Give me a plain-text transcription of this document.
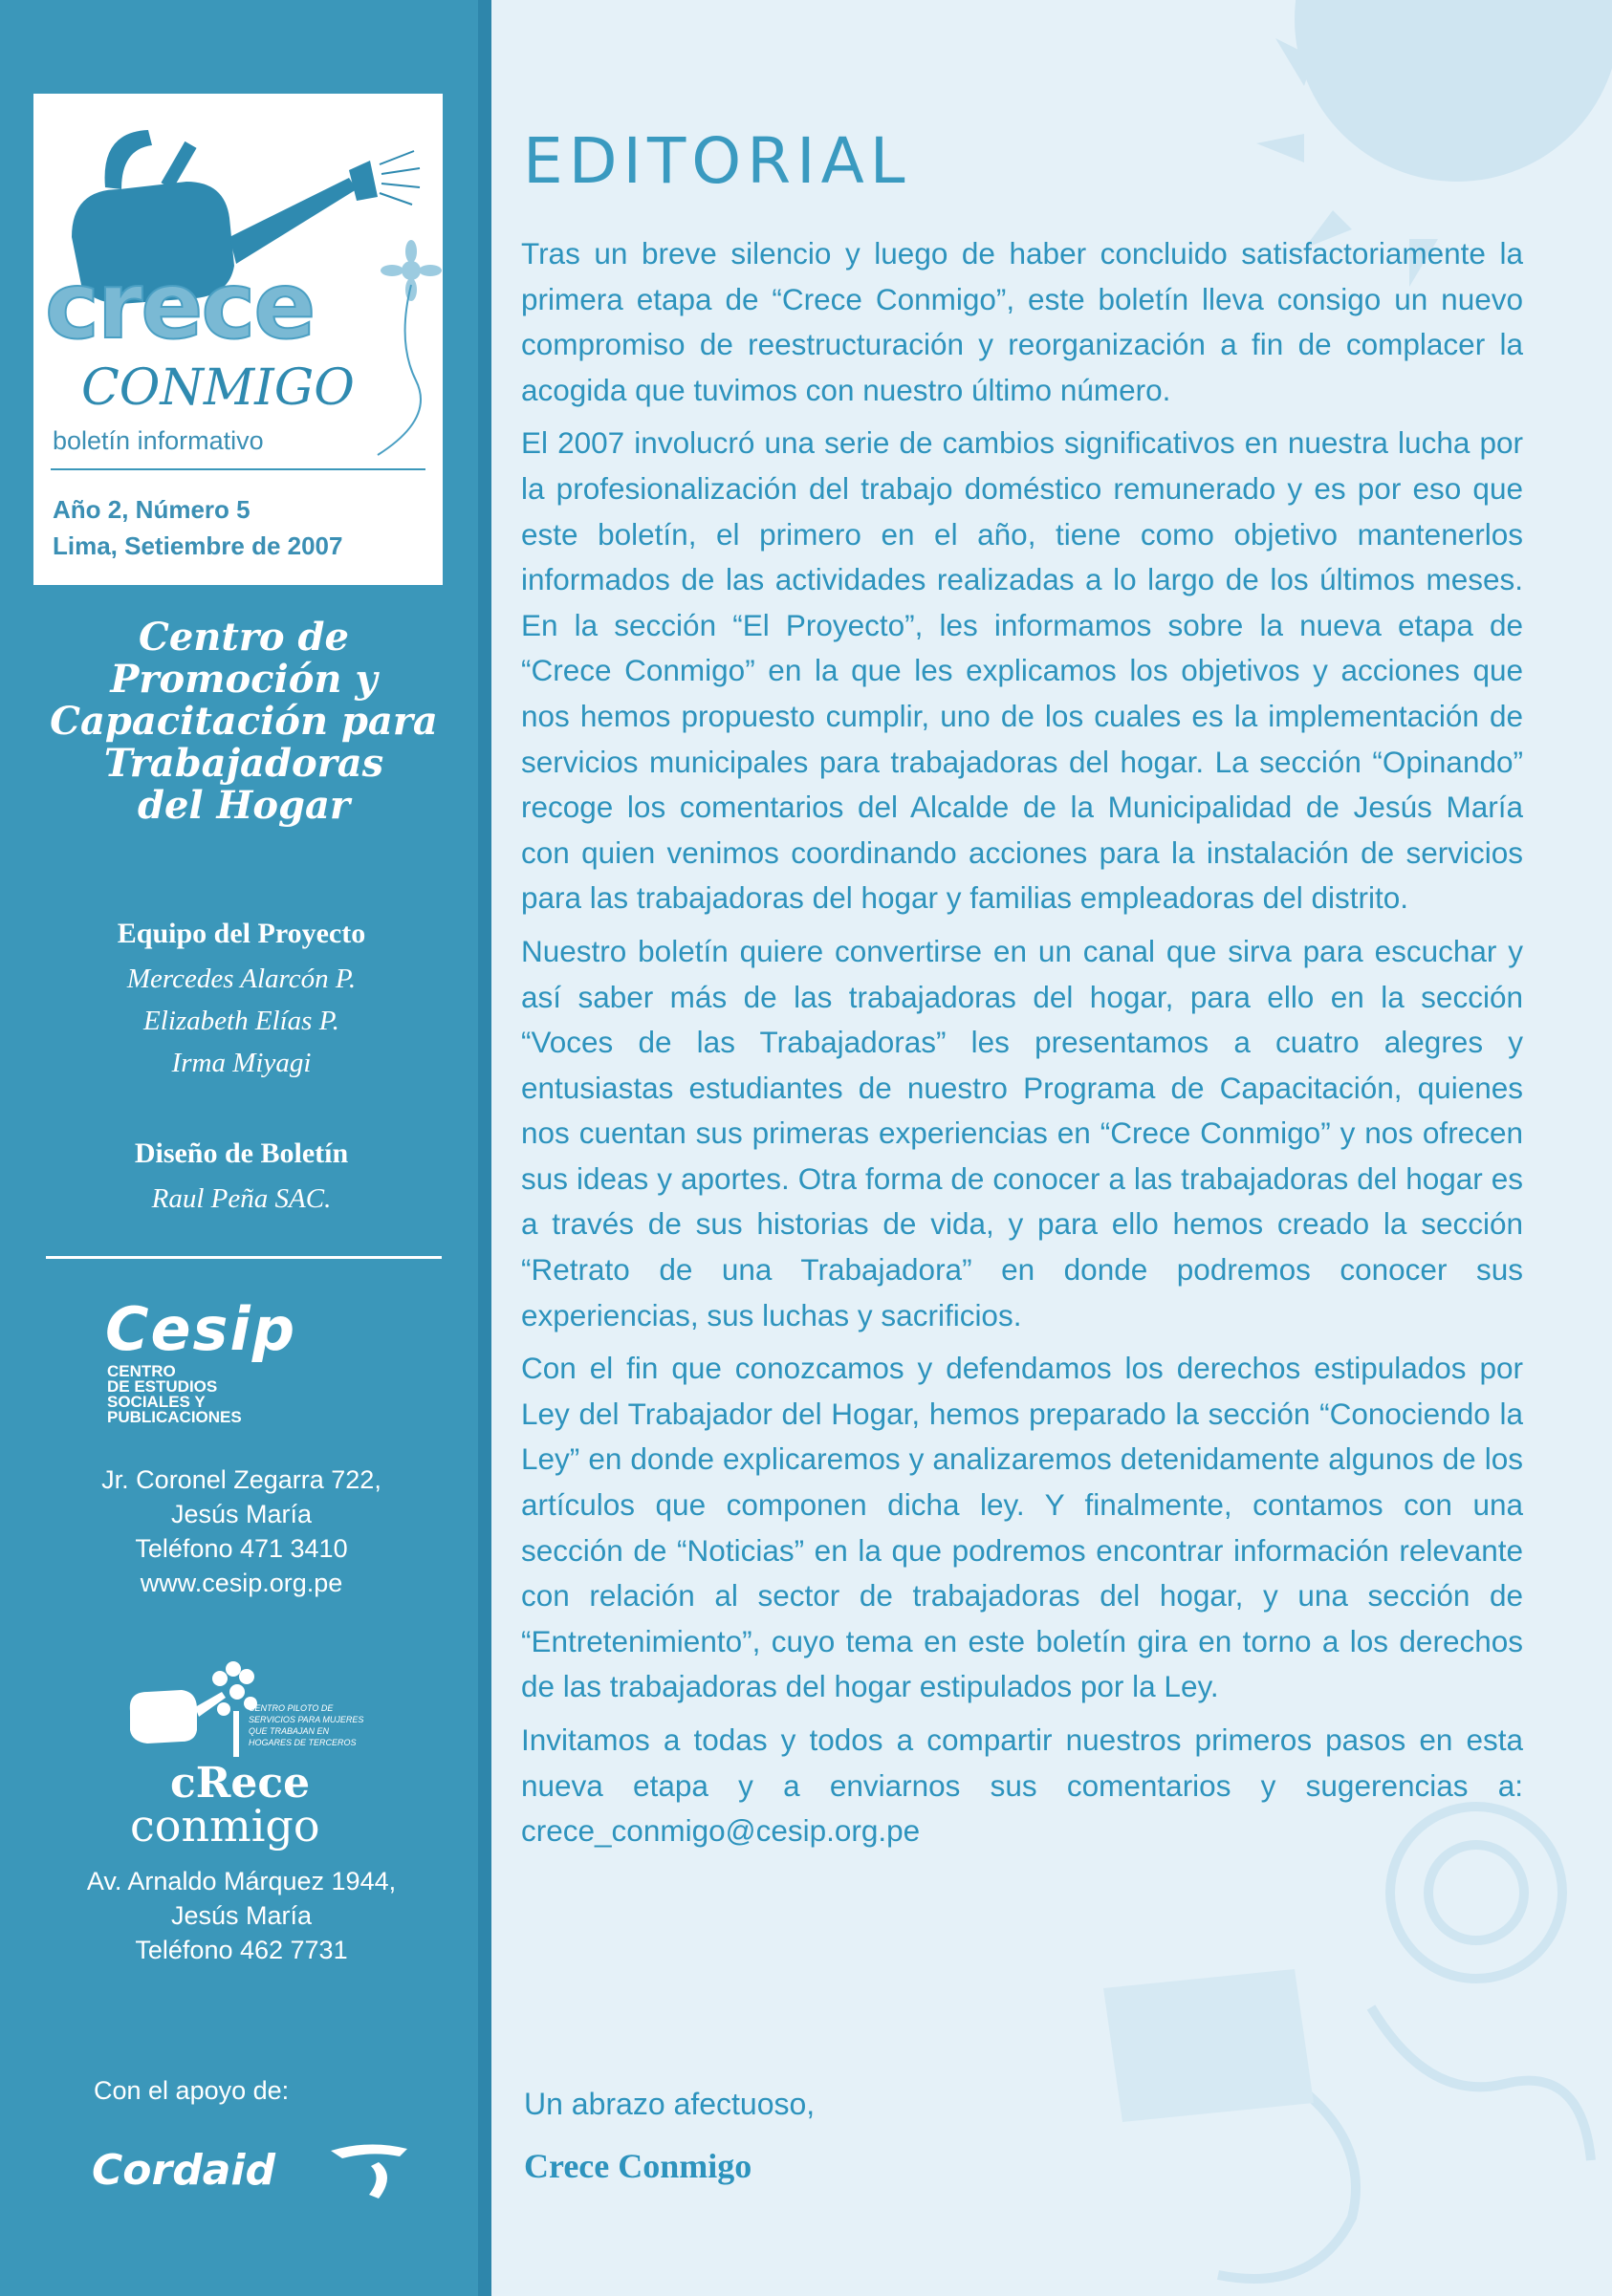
crece
CONMIGO
boletín informativo
Año 2, Número 5
Lima, Setiembre de 2007
Centro de
Promoción y
Capacitación para
Trabajadoras
del Hogar
Equipo del Proyecto
Mercedes Alarcón P.
Elizabeth Elías P.
Irma Miyagi
Diseño de Boletín
Raul Peña SAC.
Cesip
CENTRO
DE ESTUDIOS
SOCIALES Y
PUBLICACIONES
Jr. Coronel Zegarra 722,
Jesús María
Teléfono 471 3410
www.cesip.org.pe
CENTRO PILOTO DE
SERVICIOS PARA MUJERES
QUE TRABAJAN EN
HOGARES DE TERCEROS
cRece
conmigo
Av. Arnaldo Márquez 1944,
Jesús María
Teléfono 462 7731
Con el apoyo de:
Cordaid
EDITORIAL

Tras un breve silencio y luego de haber concluido satisfactoriamente la primera etapa de “Crece Conmigo”, este boletín lleva consigo un nuevo compromiso de reestructuración y reorganización a fin de complacer la acogida que tuvimos con nuestro último número.

El 2007 involucró una serie de cambios significativos en nuestra lucha por la profesionalización del trabajo doméstico remunerado y es por eso que este boletín, el primero en el año, tiene como objetivo mantenerlos informados de las actividades realizadas a lo largo de los últimos meses. En la sección “El Proyecto”, les informamos sobre la nueva etapa de “Crece Conmigo” en la que les explicamos los objetivos y acciones que nos hemos propuesto cumplir, uno de los cuales es la implementación de servicios municipales para trabajadoras del hogar. La sección “Opinando” recoge los comentarios del Alcalde de la Municipalidad de Jesús María con quien venimos coordinando acciones para la instalación de servicios para las trabajadoras del hogar y familias empleadoras del distrito.

Nuestro boletín quiere convertirse en un canal que sirva para escuchar y así saber más de las trabajadoras del hogar, para ello en la sección “Voces de las Trabajadoras” les presentamos a cuatro alegres y entusiastas estudiantes de nuestro Programa de Capacitación, quienes nos cuentan sus primeras experiencias en “Crece Conmigo” y nos ofrecen sus ideas y aportes. Otra forma de conocer a las trabajadoras del hogar es a través de sus historias de vida, y para ello hemos creado la sección “Retrato de una Trabajadora” en donde podremos conocer sus experiencias, sus luchas y sacrificios.

Con el fin que conozcamos y defendamos los derechos estipulados por Ley del Trabajador del Hogar, hemos preparado la sección “Conociendo la Ley” en donde explicaremos y analizaremos detenidamente algunos de los artículos que componen dicha ley. Y finalmente, contamos con una sección de “Noticias” en la que podremos encontrar información relevante con relación al sector de trabajadoras del hogar, y una sección de “Entretenimiento”, cuyo tema en este boletín gira en torno a los derechos de las trabajadoras del hogar estipulados por la Ley.

Invitamos a todas y todos a compartir nuestros primeros pasos en esta nueva etapa y a enviarnos sus comentarios y sugerencias a: crece_conmigo@cesip.org.pe

Un abrazo afectuoso,
Crece Conmigo
